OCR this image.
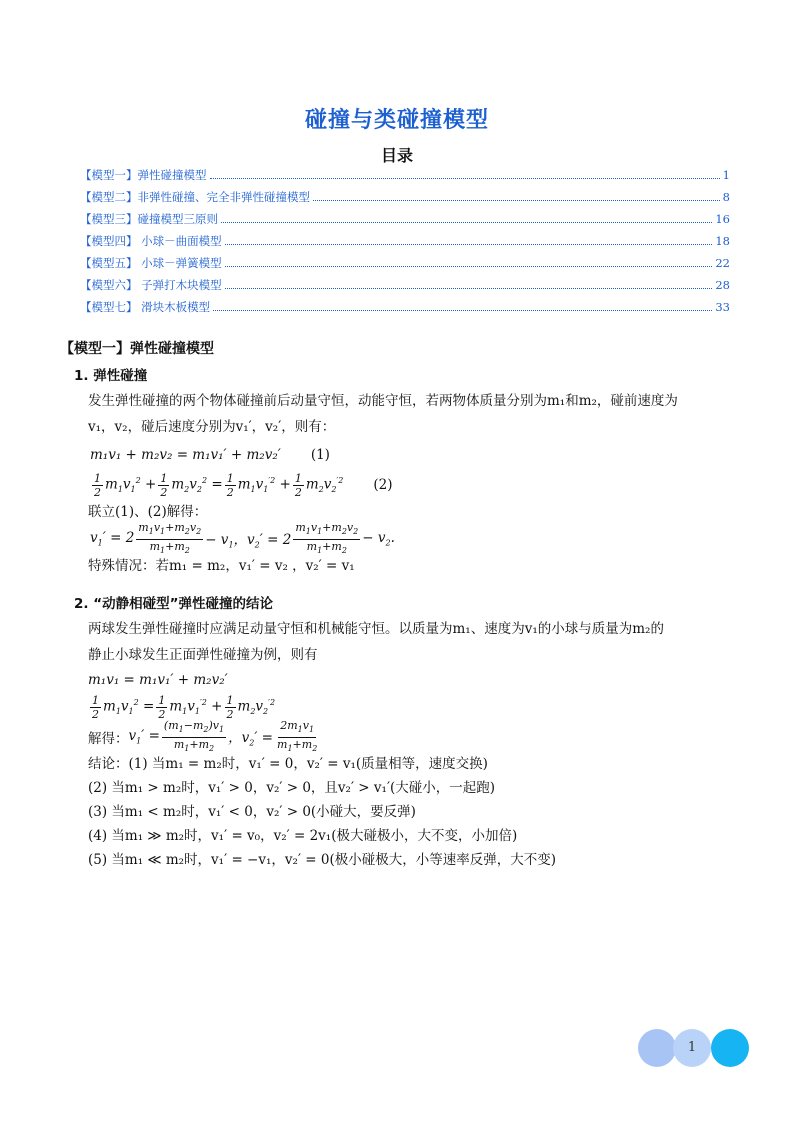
碰撞与类碰撞模型
目录
【模型一】弹性碰撞模型	1
【模型二】非弹性碰撞、完全非弹性碰撞模型	8
【模型三】碰撞模型三原则	16
【模型四】 小球－曲面模型	18
【模型五】 小球－弹簧模型	22
【模型六】 子弹打木块模型	28
【模型七】 滑块木板模型	33
【模型一】弹性碰撞模型
1. 弹性碰撞
发生弹性碰撞的两个物体碰撞前后动量守恒，动能守恒，若两物体质量分别为m₁和m₂，碰前速度为
v₁，v₂，碰后速度分别为v₁′，v₂′，则有：
m₁v₁ + m₂v₂ = m₁v₁′ + m₂v₂′ (1)
$\frac{1}{2} m_1v_1^2 + \frac{1}{2} m_2v_2^2 = \frac{1}{2} m_1v_1^{'2} + \frac{1}{2} m_2v_2^{'2}$ (2)
联立(1)、(2)解得：
$v_1' = 2 \frac{m_1v_1+m_2v_2}{m_1+m_2} - v_1$，$v_2' = 2 \frac{m_1v_1+m_2v_2}{m_1+m_2} - v_2$.
特殊情况：若m₁ = m₂，v₁′ = v₂ ，v₂′ = v₁
2. “动静相碰型”弹性碰撞的结论
两球发生弹性碰撞时应满足动量守恒和机械能守恒。以质量为m₁、速度为v₁的小球与质量为m₂的
静止小球发生正面弹性碰撞为例，则有
m₁v₁ = m₁v₁′ + m₂v₂′
$\frac{1}{2} m_1v_1^2 = \frac{1}{2} m_1v_1^{'2} + \frac{1}{2} m_2v_2^{'2}$
解得： $v_1' = \frac{(m_1-m_2)v_1}{m_1+m_2}$ ，$v_2' = \frac{2m_1v_1}{m_1+m_2}$
结论：(1) 当m₁ = m₂时，v₁′ = 0，v₂′ = v₁(质量相等，速度交换)
(2) 当m₁ > m₂时，v₁′ > 0，v₂′ > 0，且v₂′ > v₁′(大碰小，一起跑)
(3) 当m₁ < m₂时，v₁′ < 0，v₂′ > 0(小碰大，要反弹)
(4) 当m₁ ≫ m₂时，v₁′ = v₀，v₂′ = 2v₁(极大碰极小，大不变，小加倍)
(5) 当m₁ ≪ m₂时，v₁′ = −v₁，v₂′ = 0(极小碰极大，小等速率反弹，大不变)
1
